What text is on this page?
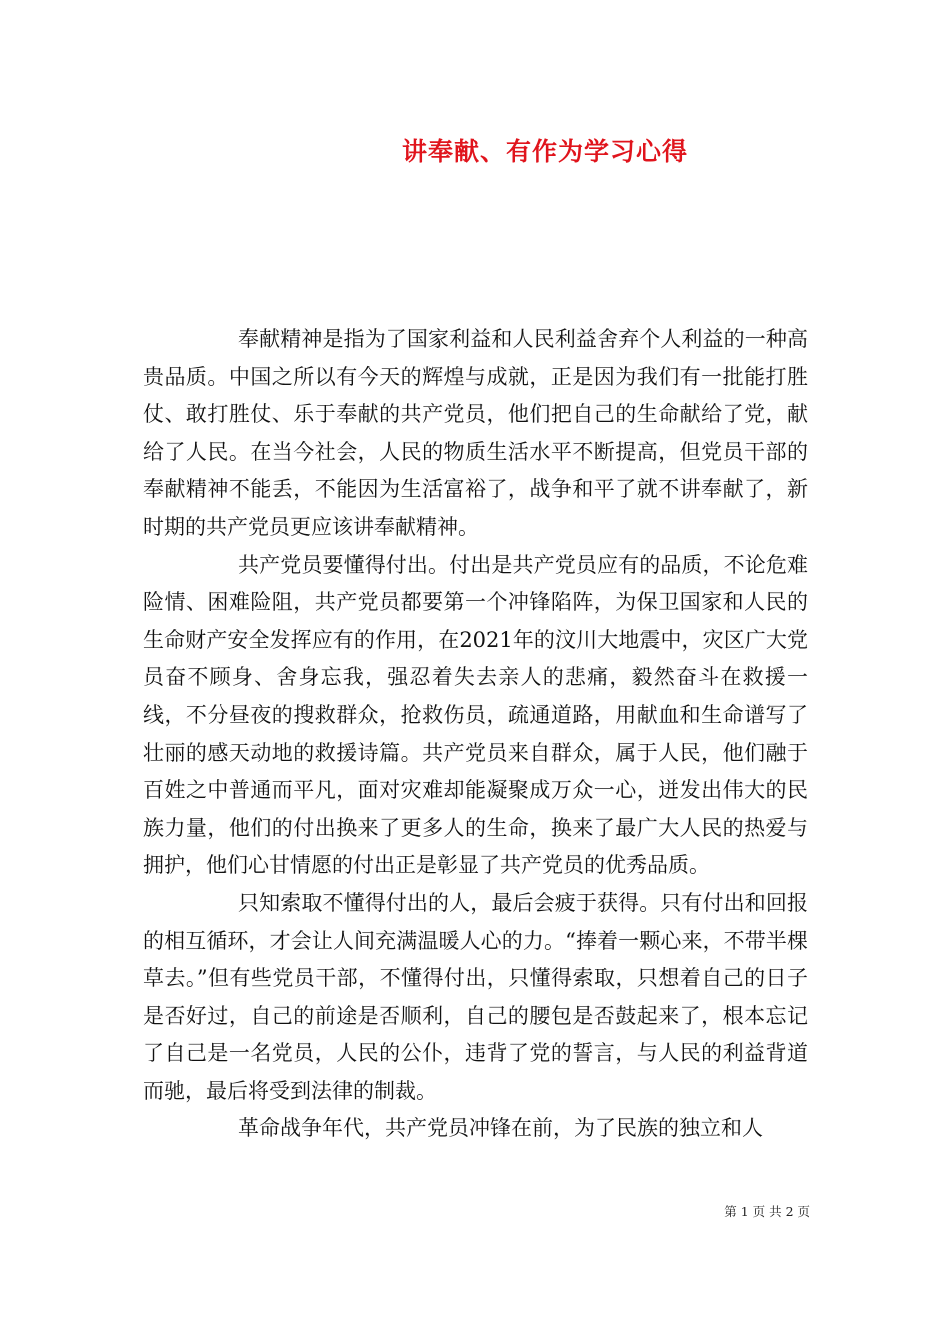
讲奉献、有作为学习心得

奉献精神是指为了国家利益和人民利益舍弃个人利益的一种高贵品质。中国之所以有今天的辉煌与成就，正是因为我们有一批能打胜仗、敢打胜仗、乐于奉献的共产党员，他们把自己的生命献给了党，献给了人民。在当今社会，人民的物质生活水平不断提高，但党员干部的奉献精神不能丢，不能因为生活富裕了，战争和平了就不讲奉献了，新时期的共产党员更应该讲奉献精神。

共产党员要懂得付出。付出是共产党员应有的品质，不论危难险情、困难险阻，共产党员都要第一个冲锋陷阵，为保卫国家和人民的生命财产安全发挥应有的作用，在2021年的汶川大地震中，灾区广大党员奋不顾身、舍身忘我，强忍着失去亲人的悲痛，毅然奋斗在救援一线，不分昼夜的搜救群众，抢救伤员，疏通道路，用献血和生命谱写了壮丽的感天动地的救援诗篇。共产党员来自群众，属于人民，他们融于百姓之中普通而平凡，面对灾难却能凝聚成万众一心，迸发出伟大的民族力量，他们的付出换来了更多人的生命，换来了最广大人民的热爱与拥护，他们心甘情愿的付出正是彰显了共产党员的优秀品质。

只知索取不懂得付出的人，最后会疲于获得。只有付出和回报的相互循环，才会让人间充满温暖人心的力。“捧着一颗心来，不带半棵草去。”但有些党员干部，不懂得付出，只懂得索取，只想着自己的日子是否好过，自己的前途是否顺利，自己的腰包是否鼓起来了，根本忘记了自己是一名党员，人民的公仆，违背了党的誓言，与人民的利益背道而驰，最后将受到法律的制裁。

革命战争年代，共产党员冲锋在前，为了民族的独立和人

第 1 页 共 2 页
